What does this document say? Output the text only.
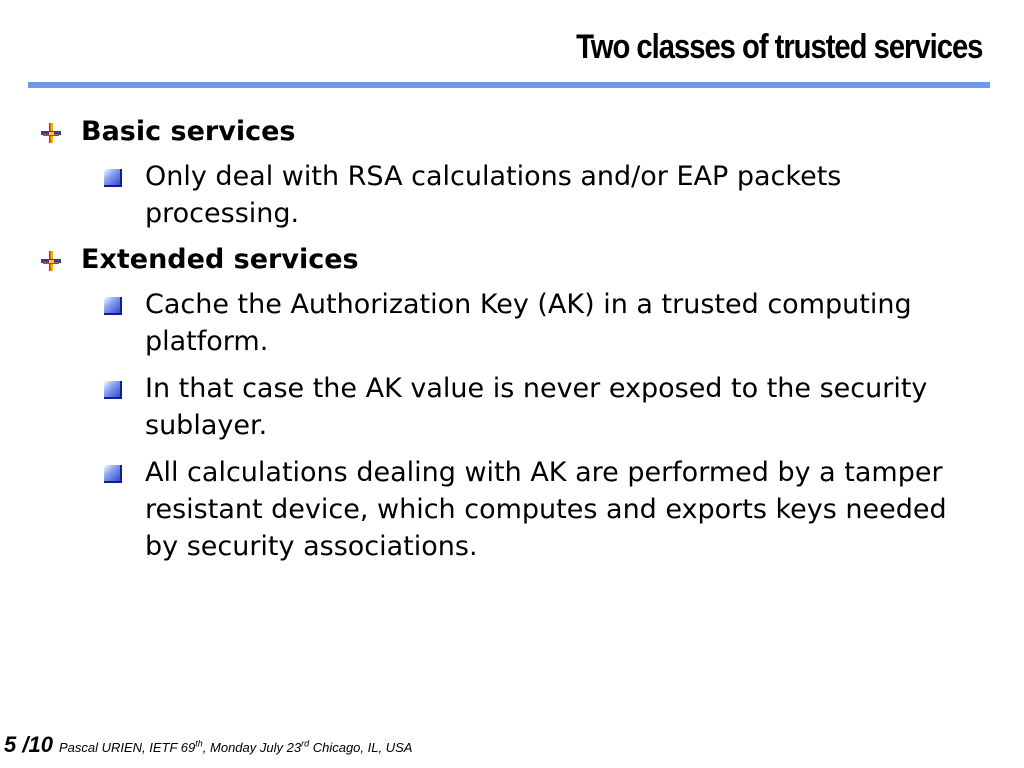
Two classes of trusted services
Basic services
Only deal with RSA calculations and/or EAP packets processing.
Extended services
Cache the Authorization Key (AK) in a trusted computing platform.
In that case the AK value is never exposed to the security sublayer.
All calculations dealing with AK are performed by a tamper resistant device, which computes and exports keys needed by security associations.
5 /10 Pascal URIEN, IETF 69th, Monday July 23rd Chicago, IL, USA
